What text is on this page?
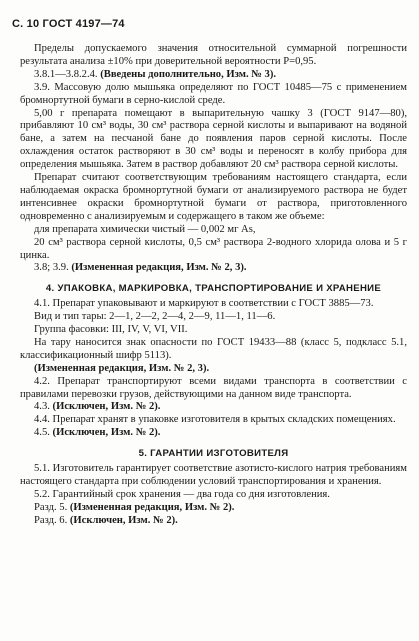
С. 10 ГОСТ 4197—74

Пределы допускаемого значения относительной суммарной погрешности результата анализа ±10% при доверительной вероятности P=0,95.

3.8.1—3.8.2.4. (Введены дополнительно, Изм. № 3).

3.9. Массовую долю мышьяка определяют по ГОСТ 10485—75 с применением бромнортутной бумаги в серно-кислой среде.

5,00 г препарата помещают в выпарительную чашку 3 (ГОСТ 9147—80), прибавляют 10 см³ воды, 30 см³ раствора серной кислоты и выпаривают на водяной бане, а затем на песчаной бане до появления паров серной кислоты. После охлаждения остаток растворяют в 30 см³ воды и переносят в колбу прибора для определения мышьяка. Затем в раствор добавляют 20 см³ раствора серной кислоты.

Препарат считают соответствующим требованиям настоящего стандарта, если наблюдаемая окраска бромнортутной бумаги от анализируемого раствора не будет интенсивнее окраски бромнортутной бумаги от раствора, приготовленного одновременно с анализируемым и содержащего в таком же объеме:

для препарата химически чистый — 0,002 мг As,

20 см³ раствора серной кислоты, 0,5 см³ раствора 2-водного хлорида олова и 5 г цинка.

3.8; 3.9. (Измененная редакция, Изм. № 2, 3).

4. УПАКОВКА, МАРКИРОВКА, ТРАНСПОРТИРОВАНИЕ И ХРАНЕНИЕ

4.1. Препарат упаковывают и маркируют в соответствии с ГОСТ 3885—73.

Вид и тип тары: 2—1, 2—2, 2—4, 2—9, 11—1, 11—6.

Группа фасовки: III, IV, V, VI, VII.

На тару наносится знак опасности по ГОСТ 19433—88 (класс 5, подкласс 5.1, классификационный шифр 5113).

(Измененная редакция, Изм. № 2, 3).

4.2. Препарат транспортируют всеми видами транспорта в соответствии с правилами перевозки грузов, действующими на данном виде транспорта.

4.3. (Исключен, Изм. № 2).

4.4. Препарат хранят в упаковке изготовителя в крытых складских помещениях.

4.5. (Исключен, Изм. № 2).

5. ГАРАНТИИ ИЗГОТОВИТЕЛЯ

5.1. Изготовитель гарантирует соответствие азотисто-кислого натрия требованиям настоящего стандарта при соблюдении условий транспортирования и хранения.

5.2. Гарантийный срок хранения — два года со дня изготовления.

Разд. 5. (Измененная редакция, Изм. № 2).

Разд. 6. (Исключен, Изм. № 2).
